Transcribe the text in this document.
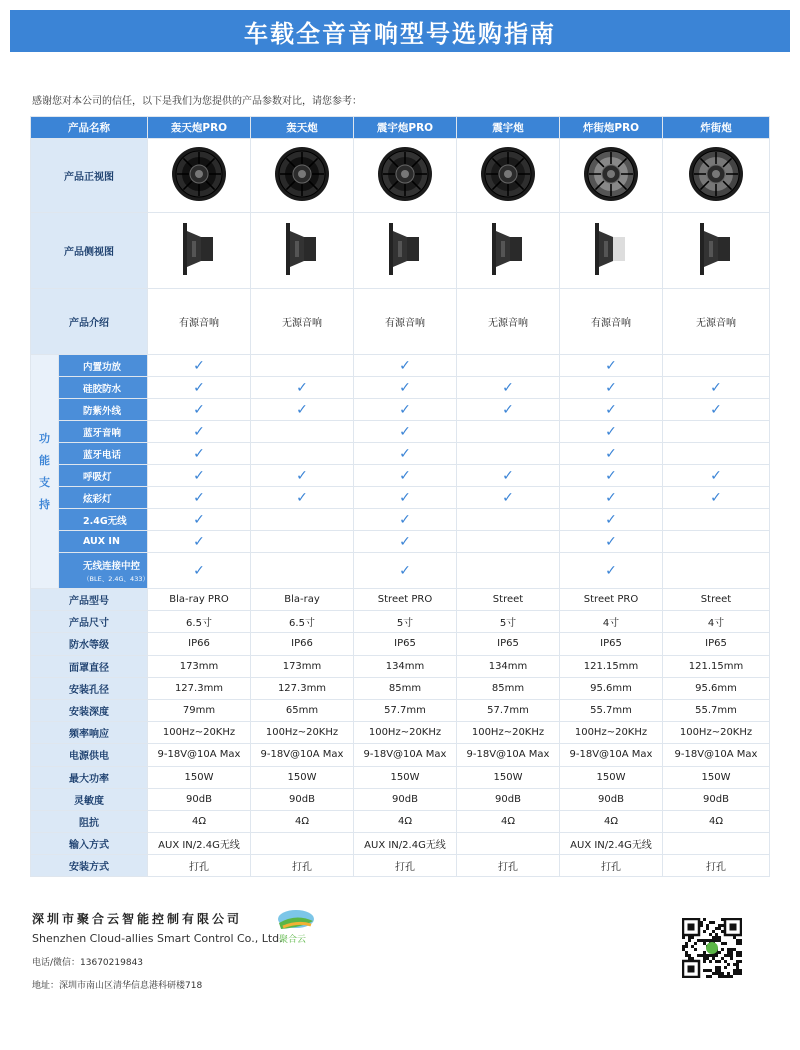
车载全音音响型号选购指南
感谢您对本公司的信任，以下是我们为您提供的产品参数对比，请您参考：
产品名称		轰天炮PRO	轰天炮	震宇炮PRO	震宇炮	炸街炮PRO	炸街炮
产品正视图						
产品侧视图						
产品介绍		有源音响	无源音响	有源音响	无源音响	有源音响	无源音响

功
能
支
持	内置功放	✓		✓		✓	
	硅胶防水	✓	✓	✓	✓	✓	✓
	防紫外线	✓	✓	✓	✓	✓	✓
	蓝牙音响	✓		✓		✓	
	蓝牙电话	✓		✓		✓	
	呼吸灯	✓	✓	✓	✓	✓	✓
	炫彩灯	✓	✓	✓	✓	✓	✓
	2.4G无线	✓		✓		✓	
	AUX IN	✓		✓		✓	
	无线连接中控
（BLE、2.4G、433）	✓		✓		✓	
产品型号		Bla-ray PRO	Bla-ray	Street PRO	Street	Street PRO	Street
产品尺寸		6.5寸	6.5寸	5寸	5寸	4寸	4寸
防水等级		IP66	IP66	IP65	IP65	IP65	IP65
面罩直径		173mm	173mm	134mm	134mm	121.15mm	121.15mm
安装孔径		127.3mm	127.3mm	85mm	85mm	95.6mm	95.6mm
安装深度		79mm	65mm	57.7mm	57.7mm	55.7mm	55.7mm
频率响应		100Hz~20KHz	100Hz~20KHz	100Hz~20KHz	100Hz~20KHz	100Hz~20KHz	100Hz~20KHz
电源供电		9-18V@10A Max	9-18V@10A Max	9-18V@10A Max	9-18V@10A Max	9-18V@10A Max	9-18V@10A Max
最大功率		150W	150W	150W	150W	150W	150W
灵敏度		90dB	90dB	90dB	90dB	90dB	90dB
阻抗		4Ω	4Ω	4Ω	4Ω	4Ω	4Ω
输入方式		AUX IN/2.4G无线		AUX IN/2.4G无线		AUX IN/2.4G无线	
安装方式		打孔	打孔	打孔	打孔	打孔	打孔
深圳市聚合云智能控制有限公司
Shenzhen Cloud-allies Smart Control Co., Ltd.
聚合云
电话/微信：13670219843
地址：深圳市南山区清华信息港科研楼718
